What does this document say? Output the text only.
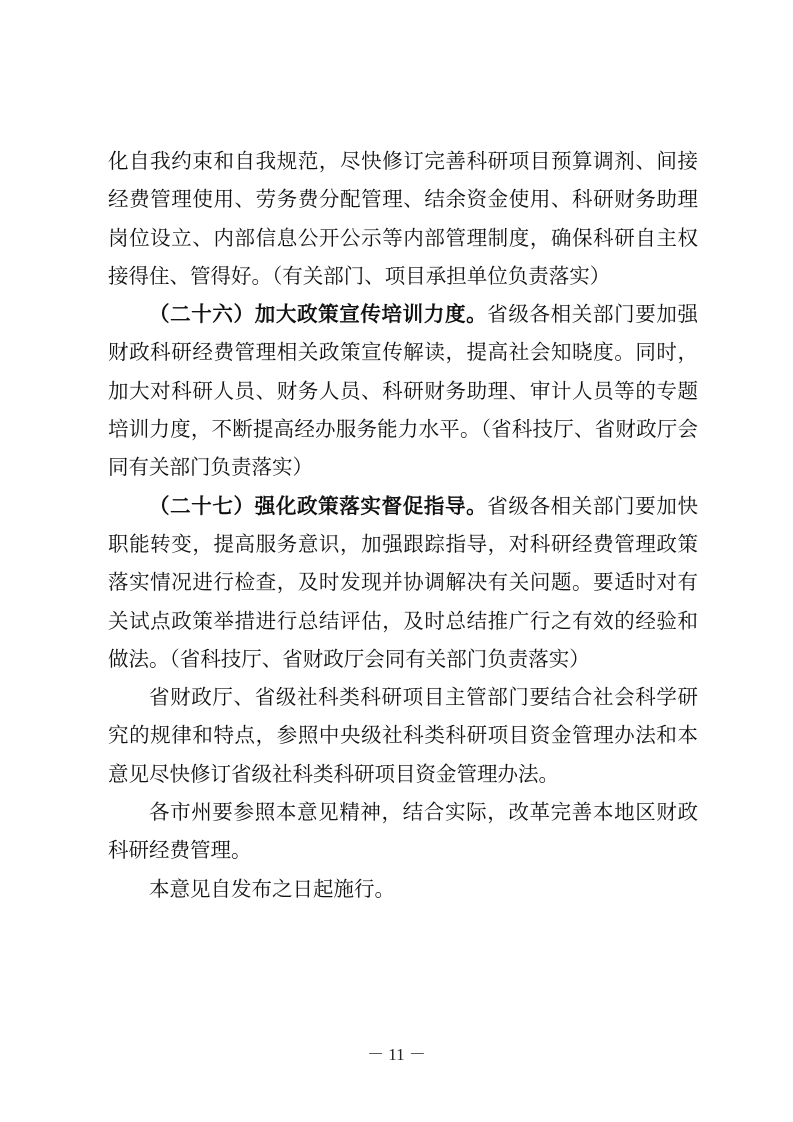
化自我约束和自我规范，尽快修订完善科研项目预算调剂、间接经费管理使用、劳务费分配管理、结余资金使用、科研财务助理岗位设立、内部信息公开公示等内部管理制度，确保科研自主权接得住、管得好。（有关部门、项目承担单位负责落实）

（二十六）加大政策宣传培训力度。省级各相关部门要加强财政科研经费管理相关政策宣传解读，提高社会知晓度。同时，加大对科研人员、财务人员、科研财务助理、审计人员等的专题培训力度，不断提高经办服务能力水平。（省科技厅、省财政厅会同有关部门负责落实）

（二十七）强化政策落实督促指导。省级各相关部门要加快职能转变，提高服务意识，加强跟踪指导，对科研经费管理政策落实情况进行检查，及时发现并协调解决有关问题。要适时对有关试点政策举措进行总结评估，及时总结推广行之有效的经验和做法。（省科技厅、省财政厅会同有关部门负责落实）

省财政厅、省级社科类科研项目主管部门要结合社会科学研究的规律和特点，参照中央级社科类科研项目资金管理办法和本意见尽快修订省级社科类科研项目资金管理办法。

各市州要参照本意见精神，结合实际，改革完善本地区财政科研经费管理。

本意见自发布之日起施行。

－ 11 －
